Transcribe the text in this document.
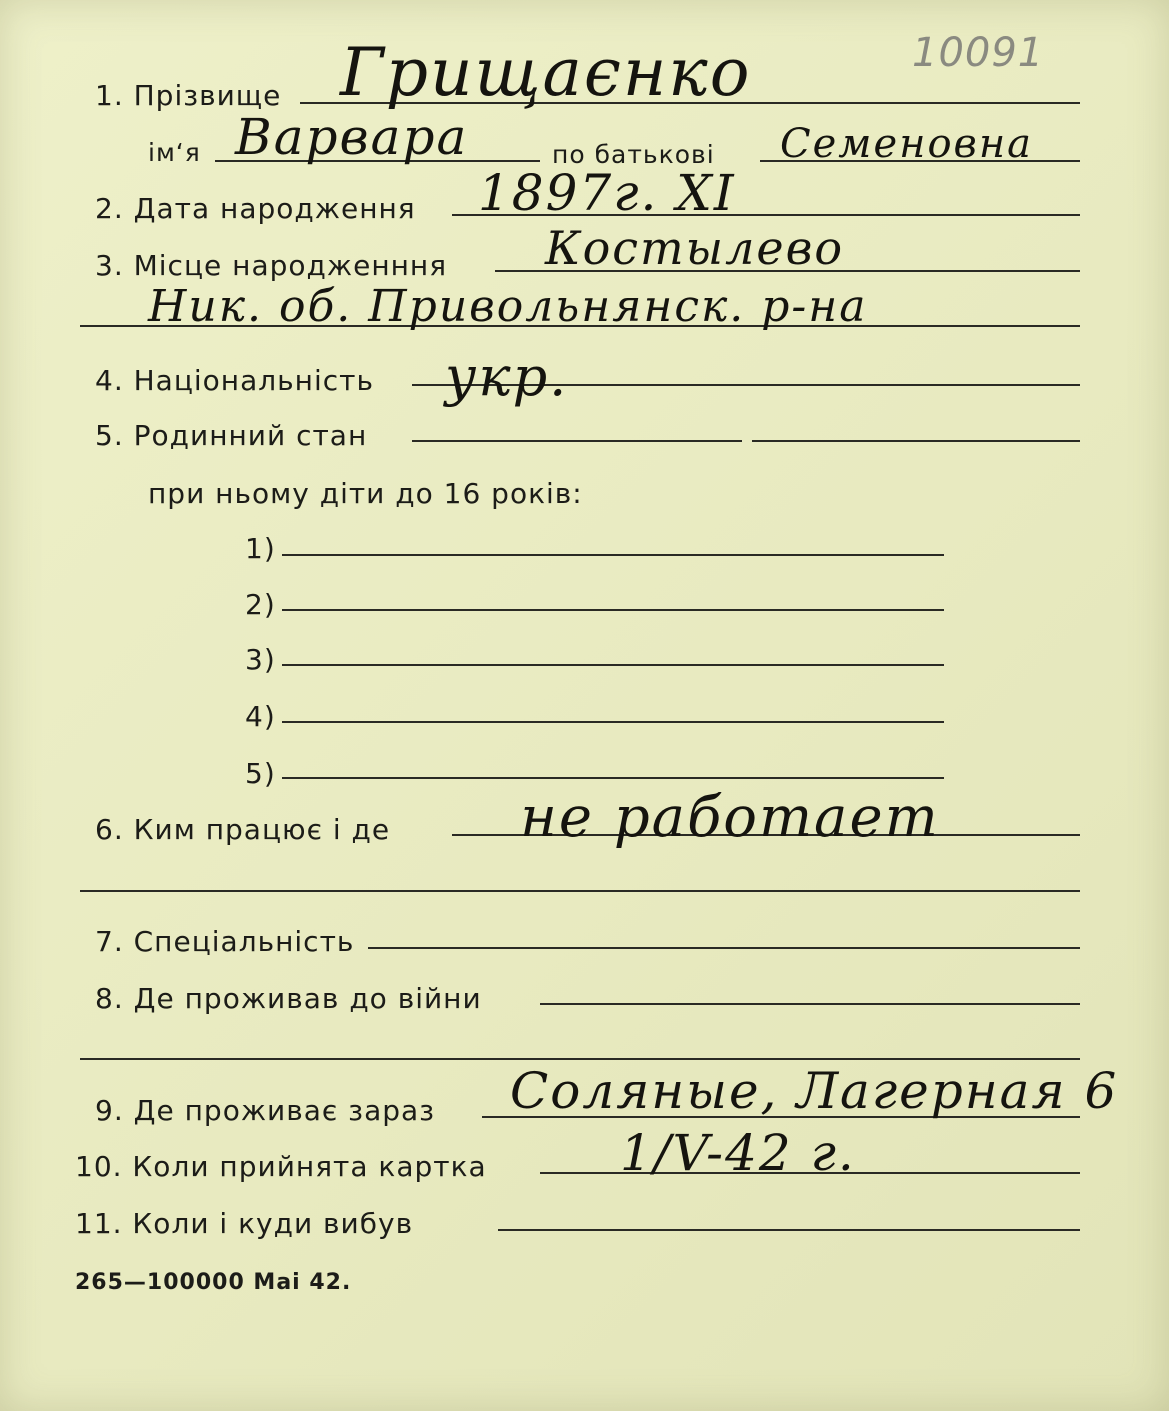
10091
1. Прізвище Грищаєнко
ім‘я Варвара	по батькові Семеновна
2. Дата народження 1897г. XI
3. Місце народженння Костылево
Ник. об. Привольнянск. р-на
4. Національність укр.
5. Родинний стан
при ньому діти до 16 років:
1)
2)
3)
4)
5)
6. Ким працює і де не работает
7. Спеціальність
8. Де проживав до війни
9. Де проживає зараз Соляные, Лагерная 6
10. Коли прийнята картка	1/V-42 г.
11. Коли і куди вибув
265—100000 Маі 42.
